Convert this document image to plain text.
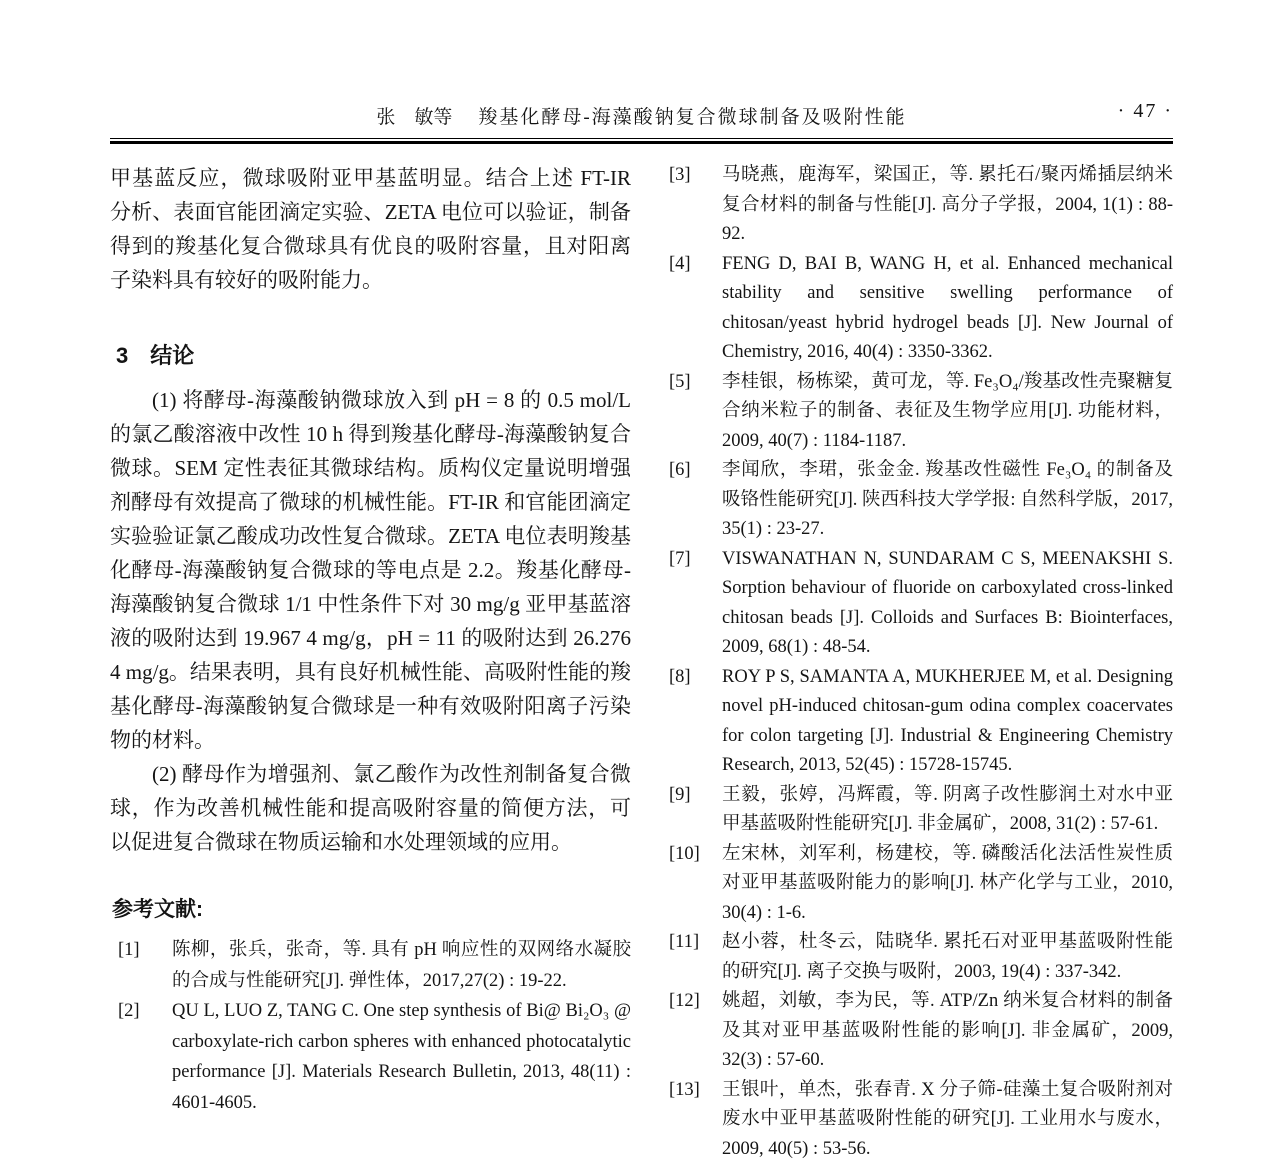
张　敏等 羧基化酵母-海藻酸钠复合微球制备及吸附性能	· 47 ·

甲基蓝反应，微球吸附亚甲基蓝明显。结合上述 FT-IR 分析、表面官能团滴定实验、ZETA 电位可以验证，制备得到的羧基化复合微球具有优良的吸附容量，且对阳离子染料具有较好的吸附能力。

3 结论

(1) 将酵母-海藻酸钠微球放入到 pH = 8 的 0.5 mol/L的氯乙酸溶液中改性 10 h 得到羧基化酵母-海藻酸钠复合微球。SEM 定性表征其微球结构。质构仪定量说明增强剂酵母有效提高了微球的机械性能。FT-IR 和官能团滴定实验验证氯乙酸成功改性复合微球。ZETA 电位表明羧基化酵母-海藻酸钠复合微球的等电点是 2.2。羧基化酵母-海藻酸钠复合微球 1/1 中性条件下对 30 mg/g 亚甲基蓝溶液的吸附达到 19.967 4 mg/g，pH = 11 的吸附达到 26.276 4 mg/g。结果表明，具有良好机械性能、高吸附性能的羧基化酵母-海藻酸钠复合微球是一种有效吸附阳离子污染物的材料。

(2) 酵母作为增强剂、氯乙酸作为改性剂制备复合微球，作为改善机械性能和提高吸附容量的简便方法，可以促进复合微球在物质运输和水处理领域的应用。

参考文献:
[1]	陈柳，张兵，张奇，等. 具有 pH 响应性的双网络水凝胶的合成与性能研究[J]. 弹性体，2017,27(2) : 19-22.
[2]	QU L, LUO Z, TANG C. One step synthesis of Bi@ Bi₂O₃ @ carboxylate-rich carbon spheres with enhanced photocatalytic performance [J]. Materials Research Bulletin, 2013, 48(11) : 4601-4605.
[3]	马晓燕，鹿海军，梁国正，等. 累托石/聚丙烯插层纳米复合材料的制备与性能[J]. 高分子学报，2004, 1(1) : 88-92.
[4]	FENG D, BAI B, WANG H, et al. Enhanced mechanical stability and sensitive swelling performance of chitosan/yeast hybrid hydrogel beads [J]. New Journal of Chemistry, 2016, 40(4) : 3350-3362.
[5]	李桂银，杨栋梁，黄可龙，等. Fe₃O₄/羧基改性壳聚糖复合纳米粒子的制备、表征及生物学应用[J]. 功能材料，2009, 40(7) : 1184-1187.
[6]	李闻欣，李珺，张金金. 羧基改性磁性 Fe₃O₄ 的制备及吸铬性能研究[J]. 陕西科技大学学报: 自然科学版，2017, 35(1) : 23-27.
[7]	VISWANATHAN N, SUNDARAM C S, MEENAKSHI S. Sorption behaviour of fluoride on carboxylated cross-linked chitosan beads [J]. Colloids and Surfaces B: Biointerfaces, 2009, 68(1) : 48-54.
[8]	ROY P S, SAMANTA A, MUKHERJEE M, et al. Designing novel pH-induced chitosan-gum odina complex coacervates for colon targeting [J]. Industrial & Engineering Chemistry Research, 2013, 52(45) : 15728-15745.
[9]	王毅，张婷，冯辉霞，等. 阴离子改性膨润土对水中亚甲基蓝吸附性能研究[J]. 非金属矿，2008, 31(2) : 57-61.
[10]	左宋林，刘军利，杨建校，等. 磷酸活化法活性炭性质对亚甲基蓝吸附能力的影响[J]. 林产化学与工业，2010, 30(4) : 1-6.
[11]	赵小蓉，杜冬云，陆晓华. 累托石对亚甲基蓝吸附性能的研究[J]. 离子交换与吸附，2003, 19(4) : 337-342.
[12]	姚超，刘敏，李为民，等. ATP/Zn 纳米复合材料的制备及其对亚甲基蓝吸附性能的影响[J]. 非金属矿，2009, 32(3) : 57-60.
[13]	王银叶，单杰，张春青. X 分子筛-硅藻土复合吸附剂对废水中亚甲基蓝吸附性能的研究[J]. 工业用水与废水，2009, 40(5) : 53-56.
